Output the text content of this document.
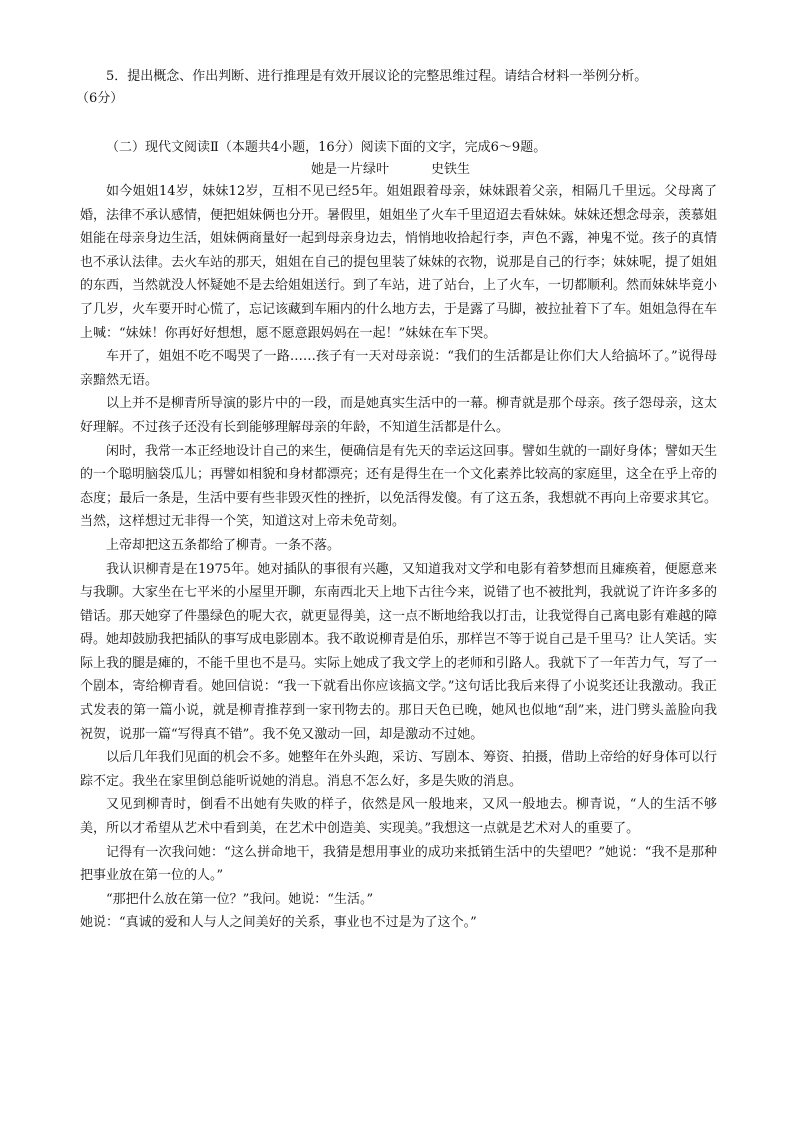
5．提出概念、作出判断、进行推理是有效开展议论的完整思维过程。请结合材料一举例分析。
（6分）

（二）现代文阅读Ⅱ（本题共4小题，16分）阅读下面的文字，完成6～9题。

她是一片绿叶	史铁生

如今姐姐14岁，妹妹12岁，互相不见已经5年。姐姐跟着母亲，妹妹跟着父亲，相隔几千里远。父母离了婚，法律不承认感情，便把姐妹俩也分开。暑假里，姐姐坐了火车千里迢迢去看妹妹。妹妹还想念母亲，羡慕姐姐能在母亲身边生活，姐妹俩商量好一起到母亲身边去，悄悄地收拾起行李，声色不露，神鬼不觉。孩子的真情也不承认法律。去火车站的那天，姐姐在自己的提包里装了妹妹的衣物，说那是自己的行李；妹妹呢，提了姐姐的东西，当然就没人怀疑她不是去给姐姐送行。到了车站，进了站台，上了火车，一切都顺利。然而妹妹毕竟小了几岁，火车要开时心慌了，忘记该藏到车厢内的什么地方去，于是露了马脚，被拉扯着下了车。姐姐急得在车上喊：“妹妹！你再好好想想，愿不愿意跟妈妈在一起！”妹妹在车下哭。

车开了，姐姐不吃不喝哭了一路……孩子有一天对母亲说：“我们的生活都是让你们大人给搞坏了。”说得母亲黯然无语。

以上并不是柳青所导演的影片中的一段，而是她真实生活中的一幕。柳青就是那个母亲。孩子怨母亲，这太好理解。不过孩子还没有长到能够理解母亲的年龄，不知道生活都是什么。

闲时，我常一本正经地设计自己的来生，便确信是有先天的幸运这回事。譬如生就的一副好身体；譬如天生的一个聪明脑袋瓜儿；再譬如相貌和身材都漂亮；还有是得生在一个文化素养比较高的家庭里，这全在乎上帝的态度；最后一条是，生活中要有些非毁灭性的挫折，以免活得发傻。有了这五条，我想就不再向上帝要求其它。当然，这样想过无非得一个笑，知道这对上帝未免苛刻。

上帝却把这五条都给了柳青。一条不落。

我认识柳青是在1975年。她对插队的事很有兴趣，又知道我对文学和电影有着梦想而且瘫痪着，便愿意来与我聊。大家坐在七平米的小屋里开聊，东南西北天上地下古往今来，说错了也不被批判，我就说了许许多多的错话。那天她穿了件墨绿色的呢大衣，就更显得美，这一点不断地给我以打击，让我觉得自己离电影有难越的障碍。她却鼓励我把插队的事写成电影剧本。我不敢说柳青是伯乐，那样岂不等于说自己是千里马？让人笑话。实际上我的腿是瘫的，不能千里也不是马。实际上她成了我文学上的老师和引路人。我就下了一年苦力气，写了一个剧本，寄给柳青看。她回信说：“我一下就看出你应该搞文学。”这句话比我后来得了小说奖还让我激动。我正式发表的第一篇小说，就是柳青推荐到一家刊物去的。那日天色已晚，她风也似地“刮”来，进门劈头盖脸向我祝贺，说那一篇“写得真不错”。我不免又激动一回，却是激动不过她。

以后几年我们见面的机会不多。她整年在外头跑，采访、写剧本、筹资、拍摄，借助上帝给的好身体可以行踪不定。我坐在家里倒总能听说她的消息。消息不怎么好，多是失败的消息。

又见到柳青时，倒看不出她有失败的样子，依然是风一般地来，又风一般地去。柳青说，“人的生活不够美，所以才希望从艺术中看到美，在艺术中创造美、实现美。”我想这一点就是艺术对人的重要了。

记得有一次我问她：“这么拼命地干，我猜是想用事业的成功来抵销生活中的失望吧？”她说：“我不是那种把事业放在第一位的人。”

“那把什么放在第一位？”我问。她说：“生活。”

她说：“真诚的爱和人与人之间美好的关系，事业也不过是为了这个。”
